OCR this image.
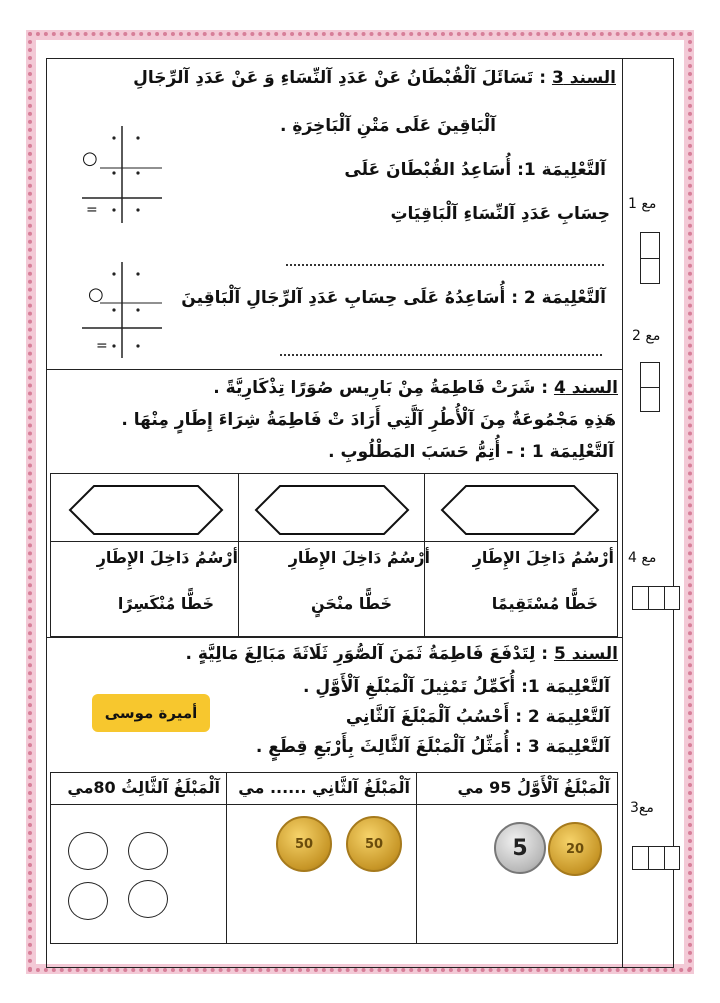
السند 3 : تَسَائَلَ آلْقُبْطَانُ عَنْ عَدَدِ آلنِّسَاءِ وَ عَنْ عَدَدِ آلرِّجَالِ
آلْبَاقِينَ عَلَى مَتْنِ آلْبَاخِرَةِ .
آلتَّعْلِيمَة 1: أُسَاعِدُ القُبْطَانَ عَلَى
حِسَابِ عَدَدِ آلنِّسَاءِ آلْبَاقِيَاتِ
آلتَّعْلِيمَة 2 : أُسَاعِدُهُ عَلَى حِسَابِ عَدَدِ آلرِّجَالِ آلْبَاقِينَ
○
=
○
=
مع 1
مع 2
مع 4
مع3
السند 4 : شَرَتْ فَاطِمَةُ مِنْ بَارِيس صُوَرًا تِذْكَارِيَّةً .
هَذِهِ مَجْمُوعَةٌ مِنَ آلْأُطُرِ آلَّتِي أَرَادَ تْ فَاطِمَةُ شِرَاءَ إِطَارٍ مِنْهَا .
آلتَّعْلِيمَة 1 : - أُتِمُّ حَسَبَ المَطْلُوبِ .
أرْسُمُ دَاخِلَ الإِطَارِ
خَطًّا مُسْتَقِيمًا
أرْسُمُ دَاخِلَ الإِطَارِ
خَطًّا منْحَنٍ
أرْسُمُ دَاخِلَ الإِطَارِ
خَطًّا مُنْكَسِرًا
السند 5 : لِتَدْفَعَ فَاطِمَةُ ثَمَنَ آلصُّوَرِ ثَلَاثَةَ مَبَالِغَ مَالِيَّةٍ .
آلتَّعْلِيمَة 1: أُكَمِّلُ تَمْثِيلَ آلْمَبْلَغِ آلْأَوَّلِ .
آلتَّعْلِيمَة 2 : أَحْسُبُ آلْمَبْلَغَ آلثَّانِي
آلتَّعْلِيمَة 3 : أُمَثِّلُ آلْمَبْلَغَ آلثَّالِثَ بِأَرْبَعِ قِطَعٍ .
أميرة موسى
آلْمَبْلَغُ آلْأَوَّلُ 95 مي
آلْمَبْلَغُ آلثَّانِي ...... مي
آلْمَبْلَغُ آلثَّالِثُ 80مي
20
5
50
50
